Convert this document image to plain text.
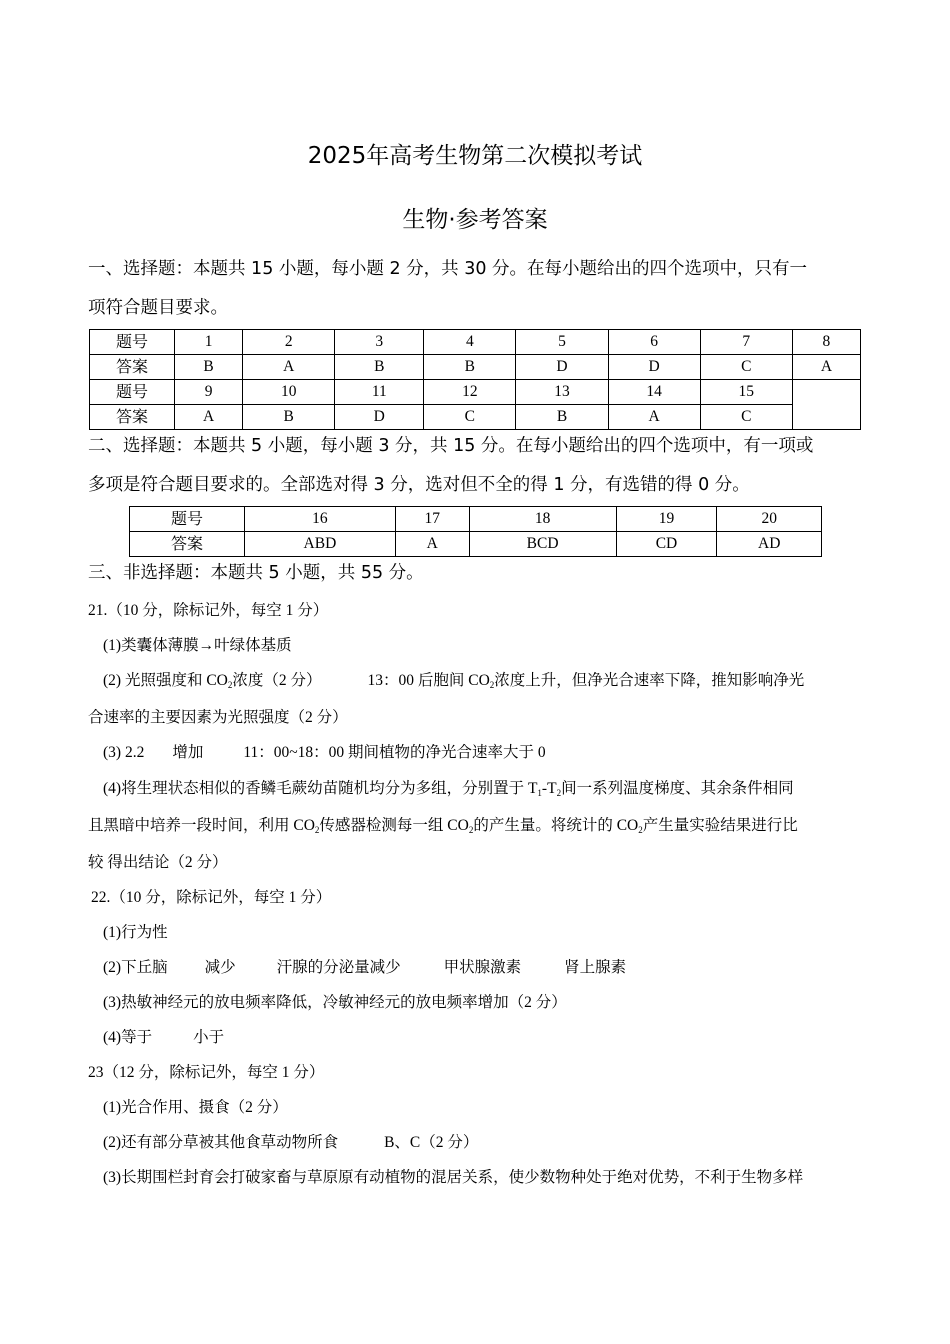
2025年高考生物第二次模拟考试
生物·参考答案
一、选择题：本题共 15 小题，每小题 2 分，共 30 分。在每小题给出的四个选项中，只有一
项符合题目要求。
题号	1	2	3	4	5	6	7	8
答案	B	A	B	B	D	D	C	A
题号	9	10	11	12	13	14	15	
答案	A	B	D	C	B	A	C	
二、选择题：本题共 5 小题，每小题 3 分，共 15 分。在每小题给出的四个选项中，有一项或
多项是符合题目要求的。全部选对得 3 分，选对但不全的得 1 分，有选错的得 0 分。
题号	16	17	18	19	20
答案	ABD	A	BCD	CD	AD
三、非选择题：本题共 5 小题，共 55 分。
21.（10 分，除标记外，每空 1 分）
(1)类囊体薄膜→叶绿体基质
(2) 光照强度和 $CO_2$浓度（2 分）	13：00 后胞间 $CO_2$浓度上升，但净光合速率下降，推知影响净光
合速率的主要因素为光照强度（2 分）
(3) 2.2 增加	11：00~18：00 期间植物的净光合速率大于 0
(4)将生理状态相似的香鳞毛蕨幼苗随机均分为多组，分别置于 $T_1-T_2$间一系列温度梯度、其余条件相同
且黑暗中培养一段时间，利用 $CO_2$传感器检测每一组 $CO_2$的产生量。将统计的 $CO_2$产生量实验结果进行比
较 得出结论（2 分）
22.（10 分，除标记外，每空 1 分）
(1)行为性
(2)下丘脑 减少	汗腺的分泌量减少	甲状腺激素	肾上腺素
(3)热敏神经元的放电频率降低，冷敏神经元的放电频率增加（2 分）
(4)等于	小于
23（12 分，除标记外，每空 1 分）
(1)光合作用、摄食（2 分）
(2)还有部分草被其他食草动物所食	B、C（2 分）
(3)长期围栏封育会打破家畜与草原原有动植物的混居关系，使少数物种处于绝对优势，不利于生物多样
